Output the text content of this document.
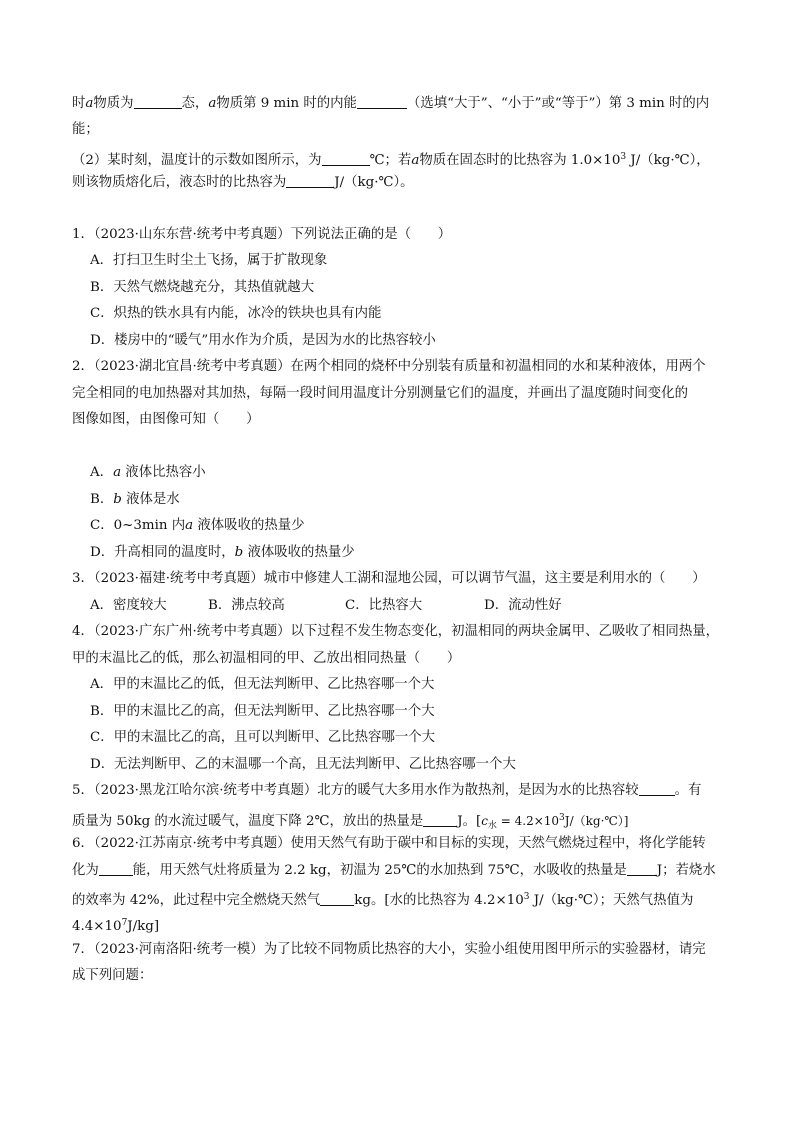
时a物质为	态，a物质第 9 min 时的内能	（选填“大于”、“小于”或“等于”）第 3 min 时的内
能；
（2）某时刻，温度计的示数如图所示，为	℃；若a物质在固态时的比热容为 $1.0\times 10^3$ J/（kg·℃），
则该物质熔化后，液态时的比热容为	J/（kg·℃）。
1．（2023·山东东营·统考中考真题）下列说法正确的是（　　）
A．打扫卫生时尘土飞扬，属于扩散现象
B．天然气燃烧越充分，其热值就越大
C．炽热的铁水具有内能，冰冷的铁块也具有内能
D．楼房中的“暖气”用水作为介质，是因为水的比热容较小
2．（2023·湖北宜昌·统考中考真题）在两个相同的烧杯中分别装有质量和初温相同的水和某种液体，用两个
完全相同的电加热器对其加热，每隔一段时间用温度计分别测量它们的温度，并画出了温度随时间变化的
图像如图，由图像可知（　　）
A．a 液体比热容小
B．b 液体是水
C．0~3min 内a 液体吸收的热量少
D．升高相同的温度时，b 液体吸收的热量少
3．（2023·福建·统考中考真题）城市中修建人工湖和湿地公园，可以调节气温，这主要是利用水的（　　）
A．密度较大	B．沸点较高	C．比热容大	D．流动性好
4．（2023·广东广州·统考中考真题）以下过程不发生物态变化，初温相同的两块金属甲、乙吸收了相同热量，
甲的末温比乙的低，那么初温相同的甲、乙放出相同热量（　　）
A．甲的末温比乙的低，但无法判断甲、乙比热容哪一个大
B．甲的末温比乙的高，但无法判断甲、乙比热容哪一个大
C．甲的末温比乙的高，且可以判断甲、乙比热容哪一个大
D．无法判断甲、乙的末温哪一个高，且无法判断甲、乙比热容哪一个大
5．（2023·黑龙江哈尔滨·统考中考真题）北方的暖气大多用水作为散热剂，是因为水的比热容较	。有
质量为 50kg 的水流过暖气，温度下降 2℃，放出的热量是	J。[$c_水$ = $4.2\times 10^3J/(kg\cdot℃)$]
6．（2022·江苏南京·统考中考真题）使用天然气有助于碳中和目标的实现，天然气燃烧过程中，将化学能转
化为	能，用天然气灶将质量为 2.2 kg，初温为 25℃的水加热到 75℃，水吸收的热量是 J；若烧水
的效率为 42%，此过程中完全燃烧天然气	kg。[水的比热容为 $4.2\times 10^3$ J/（kg·℃）；天然气热值为
$4.4\times 10^7J/kg$]
7．（2023·河南洛阳·统考一模）为了比较不同物质比热容的大小，实验小组使用图甲所示的实验器材，请完
成下列问题：
